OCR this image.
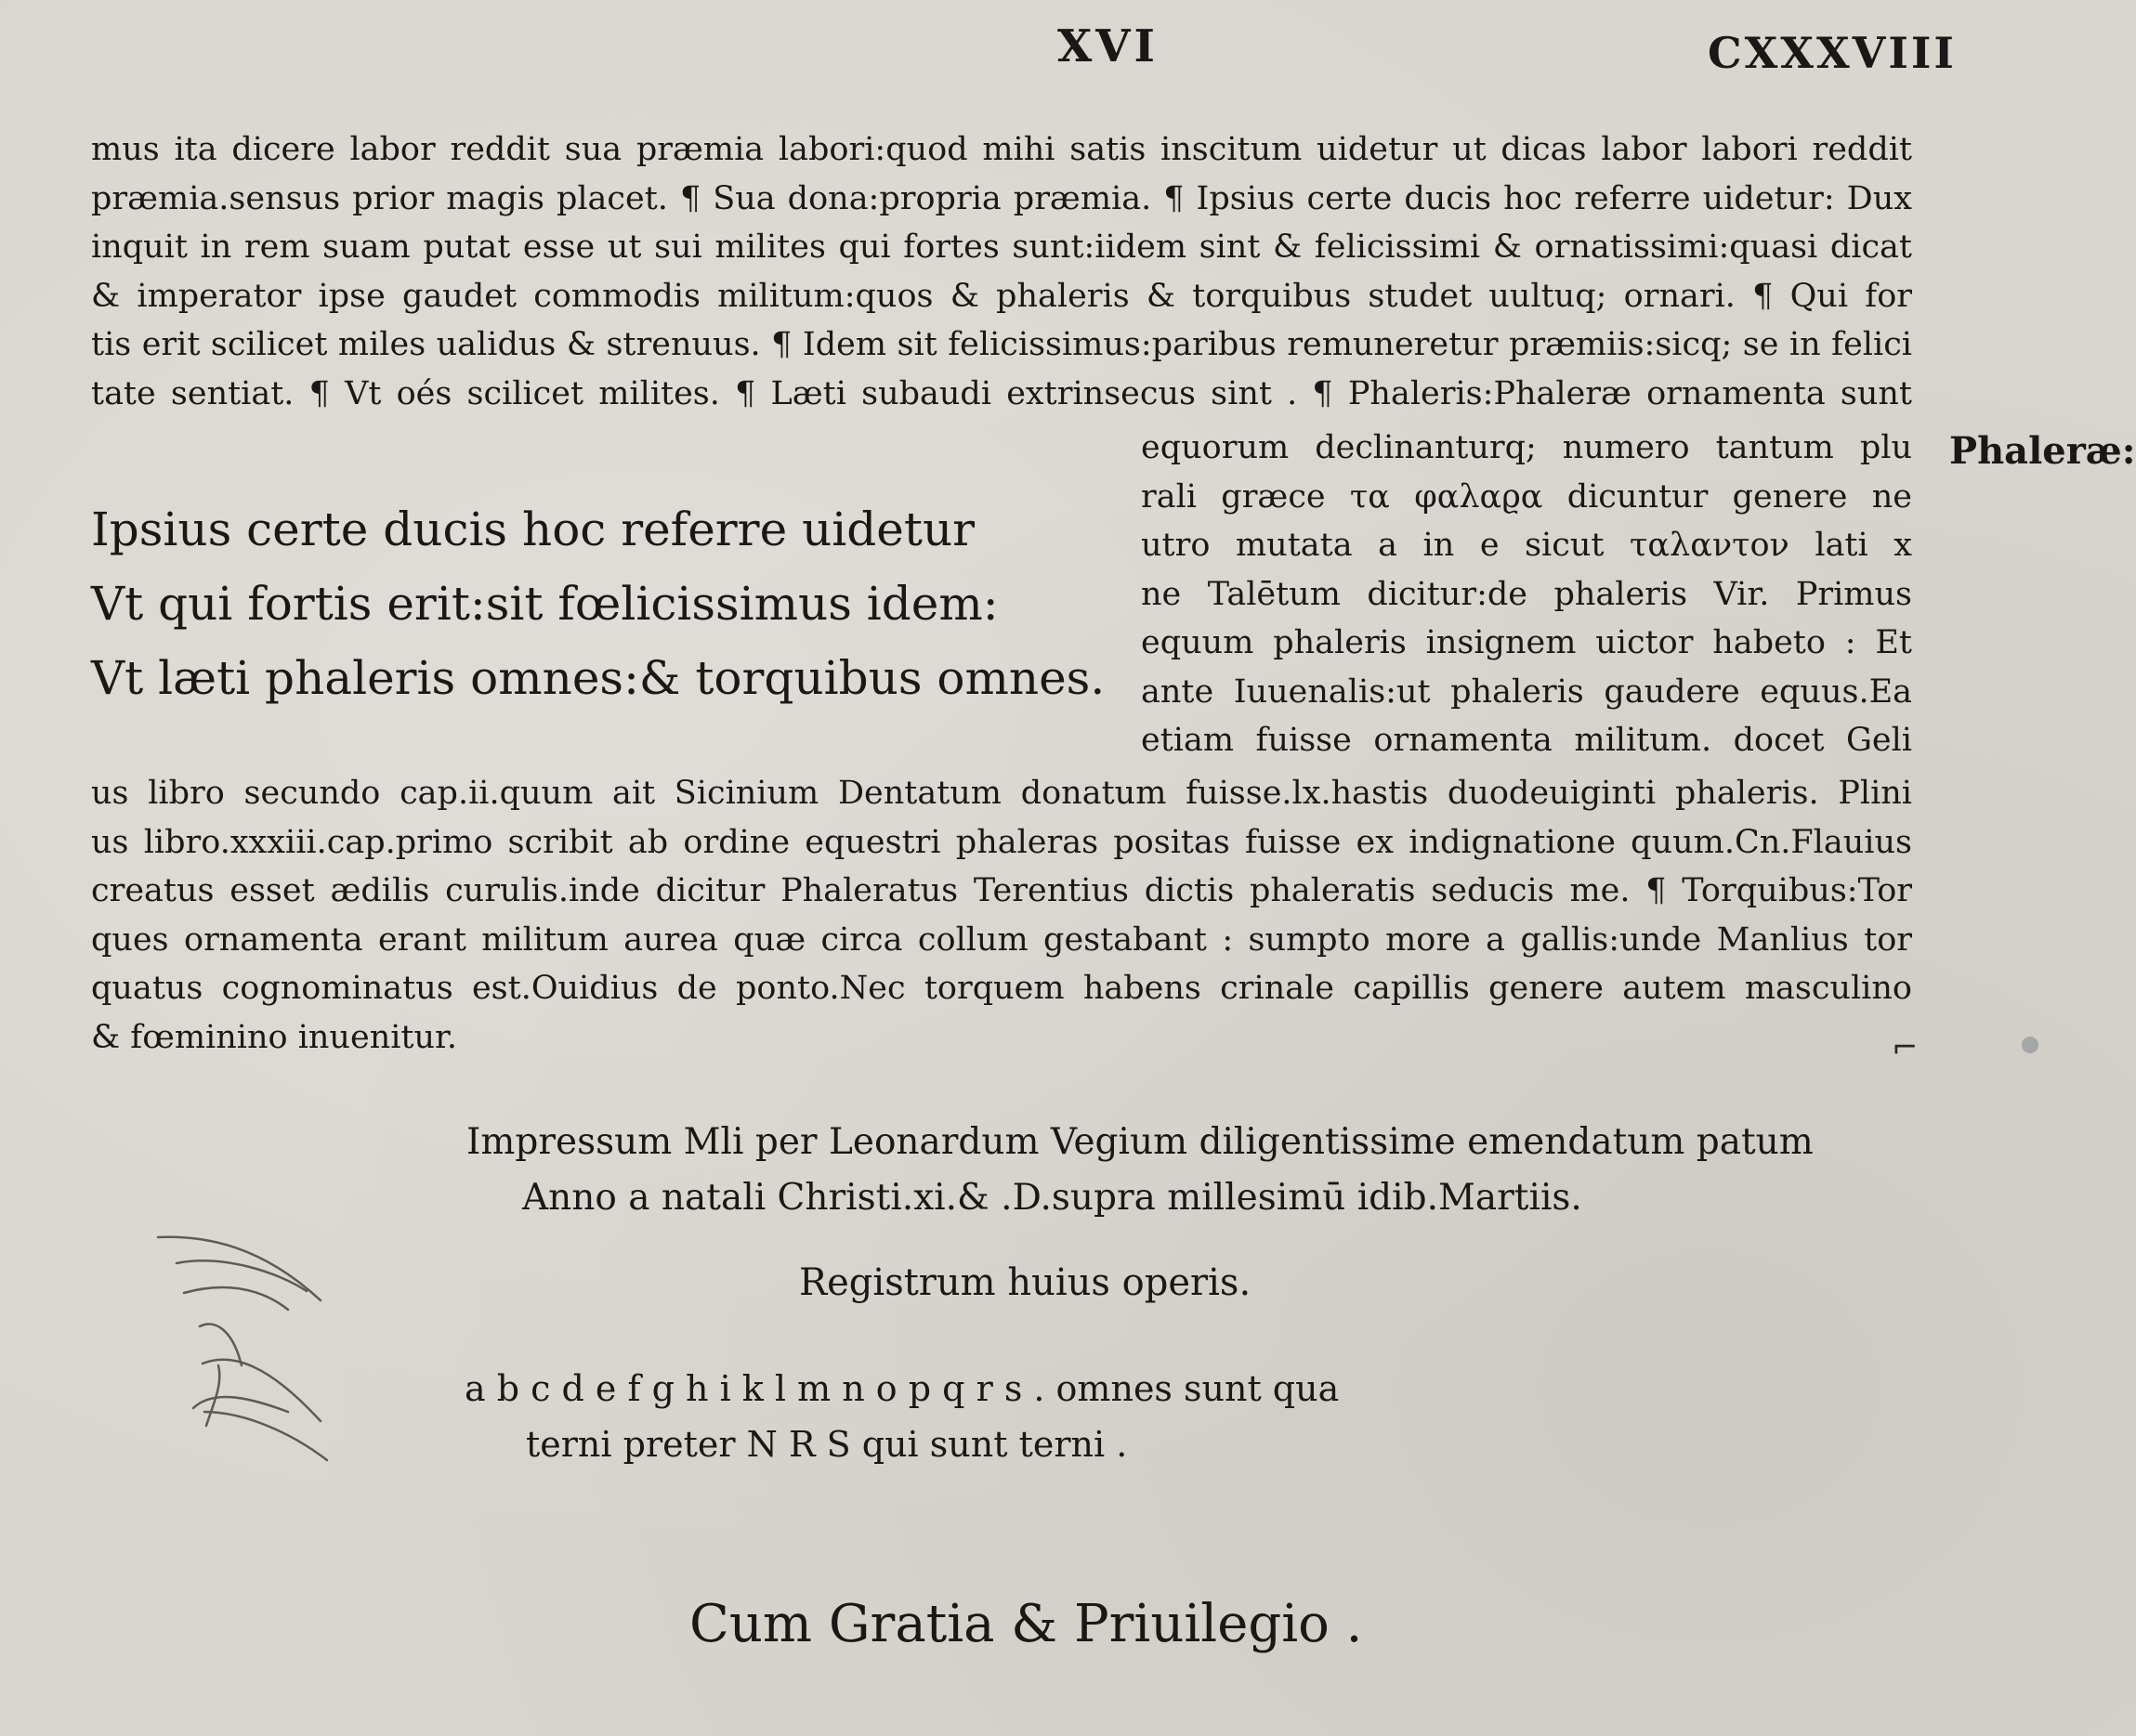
XVI	CXXXVIII
mus ita dicere labor reddit sua præmia labori:quod mihi satis inscitum uidetur ut dicas labor labori reddit
præmia.sensus prior magis placet. ¶ Sua dona:propria præmia. ¶ Ipsius certe ducis hoc referre uidetur: Dux
inquit in rem suam putat esse ut sui milites qui fortes sunt:iidem sint & felicissimi & ornatissimi:quasi dicat
& imperator ipse gaudet commodis militum:quos & phaleris & torquibus studet uultuq; ornari. ¶ Qui for
tis erit scilicet miles ualidus & strenuus. ¶ Idem sit felicissimus:paribus remuneretur præmiis:sicq; se in felici
tate sentiat. ¶ Vt oés scilicet milites. ¶ Læti subaudi extrinsecus sint . ¶ Phaleris:Phaleræ ornamenta sunt
Ipsius certe ducis hoc referre uidetur
Vt qui fortis erit:sit fœlicissimus idem:
Vt læti phaleris omnes:& torquibus omnes.
equorum declinanturq; numero tantum plu
rali græce τα φαλαϱα dicuntur genere ne
utro mutata a in e sicut ταλαντον lati x
ne Talētum dicitur:de phaleris Vir. Primus
equum phaleris insignem uictor habeto : Et
ante Iuuenalis:ut phaleris gaudere equus.Ea
etiam fuisse ornamenta militum. docet Geli
Phaleræ:
us libro secundo cap.ii.quum ait Sicinium Dentatum donatum fuisse.lx.hastis duodeuiginti phaleris. Plini
us libro.xxxiii.cap.primo scribit ab ordine equestri phaleras positas fuisse ex indignatione quum.Cn.Flauius
creatus esset ædilis curulis.inde dicitur Phaleratus Terentius dictis phaleratis seducis me. ¶ Torquibus:Tor
ques ornamenta erant militum aurea quæ circa collum gestabant : sumpto more a gallis:unde Manlius tor
quatus cognominatus est.Ouidius de ponto.Nec torquem habens crinale capillis genere autem masculino
& fœminino inuenitur.	⌐
Impressum Mli per Leonardum Vegium diligentissime emendatum patum
Anno a natali Christi.xi.& .D.supra millesimū idib.Martiis.
Registrum huius operis.
a b c d e f g h i k l m n o p q r s . omnes sunt qua
terni preter N R S qui sunt terni .
Cum Gratia & Priuilegio .
